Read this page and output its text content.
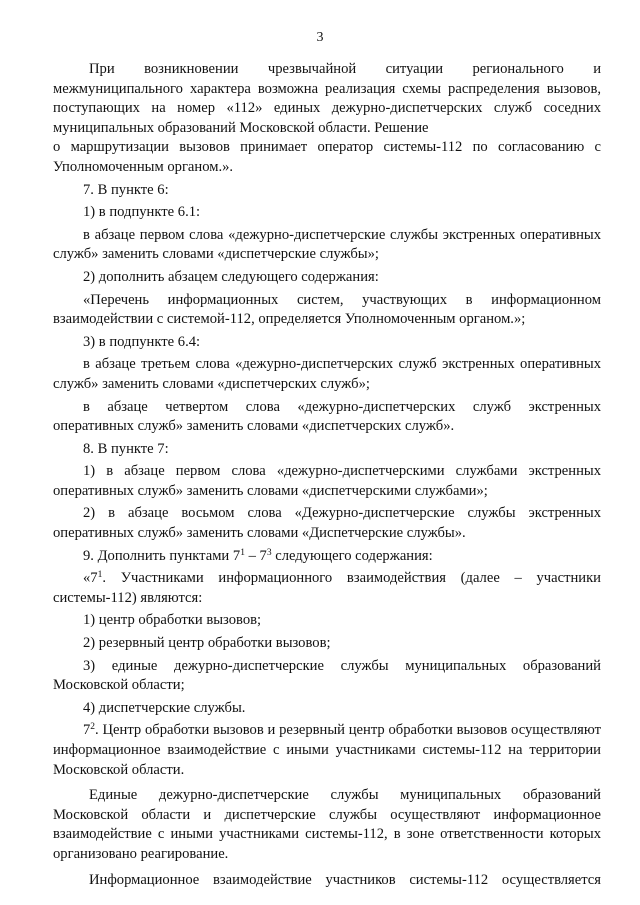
3

При возникновении чрезвычайной ситуации регионального и межмуниципального характера возможна реализация схемы распределения вызовов, поступающих на номер «112» единых дежурно-диспетчерских служб соседних муниципальных образований Московской области. Решение

о маршрутизации вызовов принимает оператор системы-112 по согласованию с Уполномоченным органом.».

7. В пункте 6:

1) в подпункте 6.1:

в абзаце первом слова «дежурно-диспетчерские службы экстренных оперативных служб» заменить словами «диспетчерские службы»;

2) дополнить абзацем следующего содержания:

«Перечень информационных систем, участвующих в информационном взаимодействии с системой-112, определяется Уполномоченным органом.»;

3) в подпункте 6.4:

в абзаце третьем слова «дежурно-диспетчерских служб экстренных оперативных служб» заменить словами «диспетчерских служб»;

в абзаце четвертом слова «дежурно-диспетчерских служб экстренных оперативных служб» заменить словами «диспетчерских служб».

8. В пункте 7:

1) в абзаце первом слова «дежурно-диспетчерскими службами экстренных оперативных служб» заменить словами «диспетчерскими службами»;

2) в абзаце восьмом слова «Дежурно-диспетчерские службы экстренных оперативных служб» заменить словами «Диспетчерские службы».

9. Дополнить пунктами $7^1 - 7^3$ следующего содержания:

«$7^1$. Участниками информационного взаимодействия (далее – участники системы-112) являются:

1) центр обработки вызовов;

2) резервный центр обработки вызовов;

3) единые дежурно-диспетчерские службы муниципальных образований Московской области;

4) диспетчерские службы.

$7^2$. Центр обработки вызовов и резервный центр обработки вызовов осуществляют информационное взаимодействие с иными участниками системы-112 на территории Московской области.

Единые дежурно-диспетчерские службы муниципальных образований Московской области и диспетчерские службы осуществляют информационное взаимодействие с иными участниками системы-112, в зоне ответственности которых организовано реагирование.

Информационное взаимодействие участников системы-112 осуществляется
